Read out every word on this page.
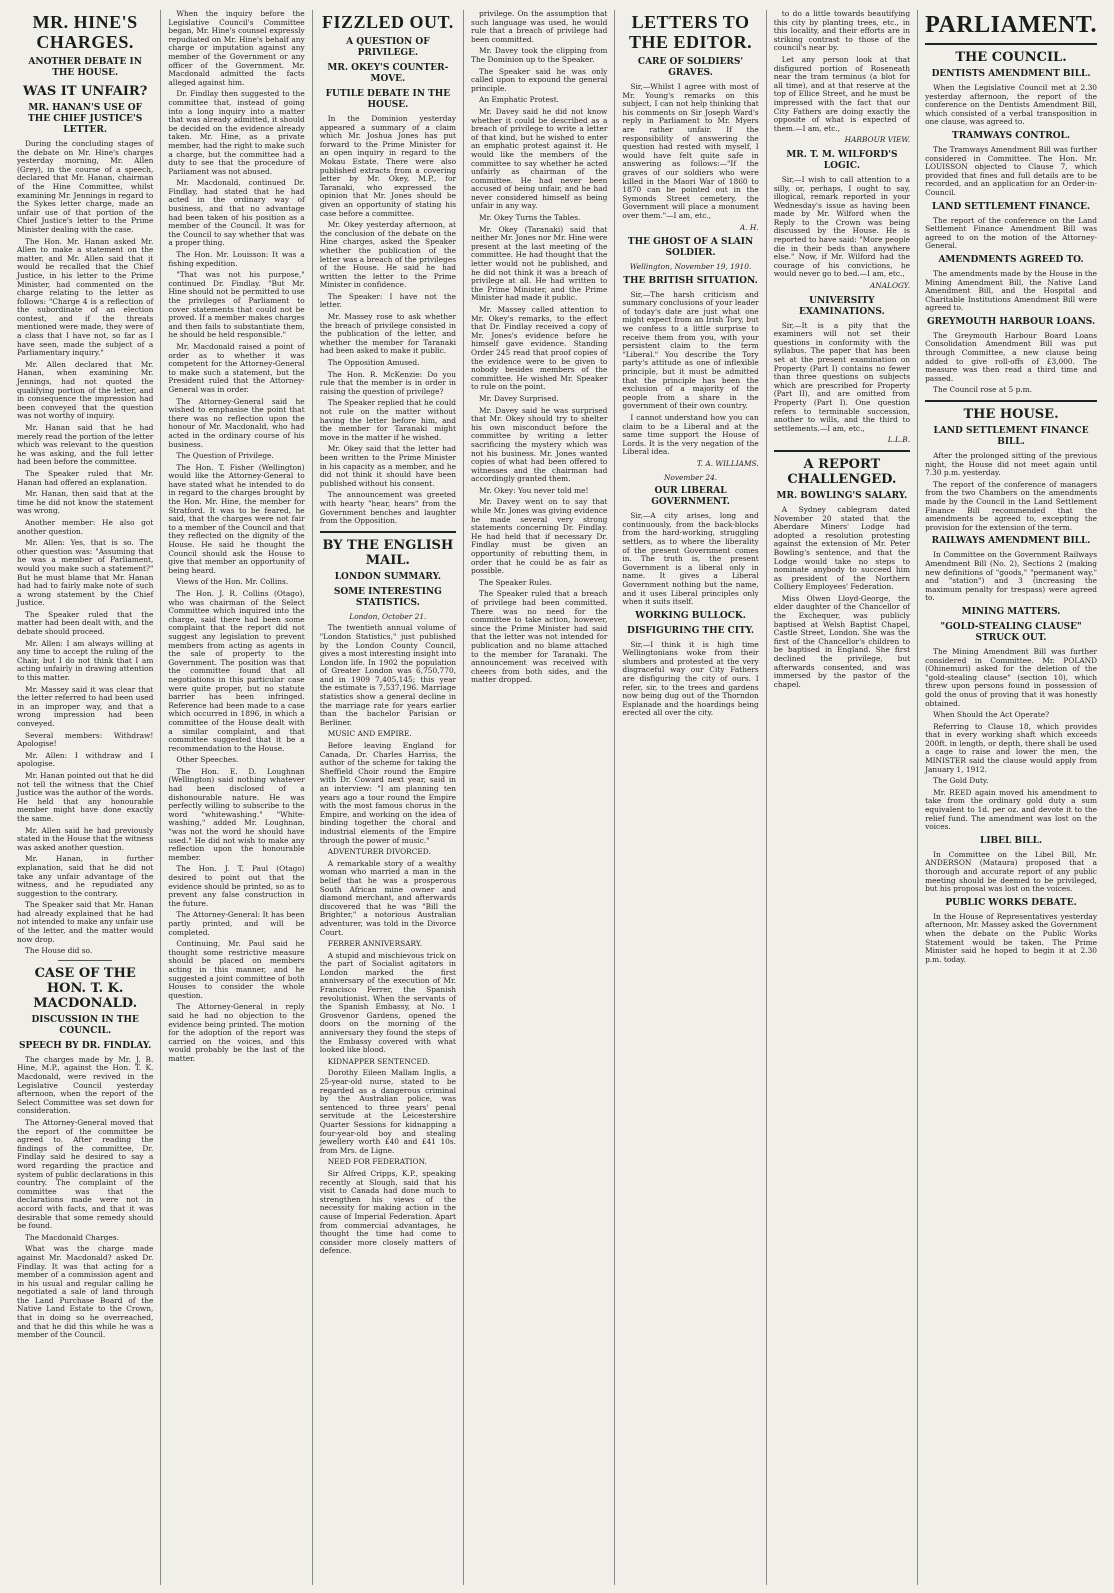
MR. HINE'S CHARGES.
ANOTHER DEBATE IN THE HOUSE.
WAS IT UNFAIR?
MR. HANAN'S USE OF THE CHIEF JUSTICE'S LETTER.

During the concluding stages of the debate on Mr. Hine's charges yesterday morning, Mr. Allen (Grey), in the course of a speech, declared that Mr. Hanan, chairman of the Hine Committee, whilst examining Mr. Jennings in regard to the Sykes letter charge, made an unfair use of that portion of the Chief Justice's letter to the Prime Minister dealing with the case.

The Hon. Mr. Hanan asked Mr. Allen to make a statement on the matter, and Mr. Allen said that it would be recalled that the Chief Justice, in his letter to the Prime Minister, had commented on the charge relating to the letter as follows: "Charge 4 is a reflection of the subordinate of an election contest, and if the threats mentioned were made, they were of a class that I have not, so far as I have seen, made the subject of a Parliamentary inquiry."

Mr. Allen declared that Mr. Hanan, when examining Mr. Jennings, had not quoted the qualifying portion of the letter, and in consequence the impression had been conveyed that the question was not worthy of inquiry.

Mr. Hanan said that he had merely read the portion of the letter which was relevant to the question he was asking, and the full letter had been before the committee.

The Speaker ruled that Mr. Hanan had offered an explanation.

Mr. Hanan, then said that at the time he did not know the statement was wrong.

Another member: He also got another question.

Mr. Allen: Yes, that is so. The other question was: "Assuming that he was a member of Parliament, would you make such a statement?" But he must blame that Mr. Hanan had had to fairly make note of such a wrong statement by the Chief Justice.

The Speaker ruled that the matter had been dealt with, and the debate should proceed.

Mr. Allen: I am always willing at any time to accept the ruling of the Chair, but I do not think that I am acting unfairly in drawing attention to this matter.

Mr. Massey said it was clear that the letter referred to had been used in an improper way, and that a wrong impression had been conveyed.

Several members: Withdraw! Apologise!

Mr. Allen: I withdraw and I apologise.

Mr. Hanan pointed out that he did not tell the witness that the Chief Justice was the author of the words. He held that any honourable member might have done exactly the same.

Mr. Allen said he had previously stated in the House that the witness was asked another question.

Mr. Hanan, in further explanation, said that he did not take any unfair advantage of the witness, and he repudiated any suggestion to the contrary.

The Speaker said that Mr. Hanan had already explained that he had not intended to make any unfair use of the letter, and the matter would now drop.

The House did so.

CASE OF THE HON. T. K. MACDONALD.
DISCUSSION IN THE COUNCIL.
SPEECH BY DR. FINDLAY.

The charges made by Mr. J. B. Hine, M.P., against the Hon. T. K. Macdonald, were revived in the Legislative Council yesterday afternoon, when the report of the Select Committee was set down for consideration.

The Attorney-General moved that the report of the committee be agreed to. After reading the findings of the committee, Dr. Findlay said he desired to say a word regarding the practice and system of public declarations in this country. The complaint of the committee was that the declarations made were not in accord with facts, and that it was desirable that some remedy should be found.

The Macdonald Charges.

What was the charge made against Mr. Macdonald? asked Dr. Findlay. It was that acting for a member of a commission agent and in his usual and regular calling he negotiated a sale of land through the Land Purchase Board of the Native Land Estate to the Crown, that in doing so he overreached, and that he did this while he was a member of the Council.

When the inquiry before the Legislative Council's Committee began, Mr. Hine's counsel expressly repudiated on Mr. Hine's behalf any charge or imputation against any member of the Government or any officer of the Government. Mr. Macdonald admitted the facts alleged against him.

Dr. Findlay then suggested to the committee that, instead of going into a long inquiry into a matter that was already admitted, it should be decided on the evidence already taken. Mr. Hine, as a private member, had the right to make such a charge, but the committee had a duty to see that the procedure of Parliament was not abused.

Mr. Macdonald, continued Dr. Findlay, had stated that he had acted in the ordinary way of business, and that no advantage had been taken of his position as a member of the Council. It was for the Council to say whether that was a proper thing.

The Hon. Mr. Louisson: It was a fishing expedition.

"That was not his purpose," continued Dr. Findlay. "But Mr. Hine should not be permitted to use the privileges of Parliament to cover statements that could not be proved. If a member makes charges and then fails to substantiate them, he should be held responsible."

Mr. Macdonald raised a point of order as to whether it was competent for the Attorney-General to make such a statement, but the President ruled that the Attorney-General was in order.

The Attorney-General said he wished to emphasise the point that there was no reflection upon the honour of Mr. Macdonald, who had acted in the ordinary course of his business.

The Question of Privilege.

The Hon. T. Fisher (Wellington) would like the Attorney-General to have stated what he intended to do in regard to the charges brought by the Hon. Mr. Hine, the member for Stratford. It was to be feared, he said, that the charges were not fair to a member of the Council and that they reflected on the dignity of the House. He said he thought the Council should ask the House to give that member an opportunity of being heard.

Views of the Hon. Mr. Collins.

The Hon. J. R. Collins (Otago), who was chairman of the Select Committee which inquired into the charge, said there had been some complaint that the report did not suggest any legislation to prevent members from acting as agents in the sale of property to the Government. The position was that the committee found that all negotiations in this particular case were quite proper, but no statute barrier has been infringed. Reference had been made to a case which occurred in 1896, in which a committee of the House dealt with a similar complaint, and that committee suggested that it be a recommendation to the House.

Other Speeches.

The Hon. E. D. Loughnan (Wellington) said nothing whatever had been disclosed of a dishonourable nature. He was perfectly willing to subscribe to the word "whitewashing." "White-washing," added Mr. Loughnan, "was not the word he should have used." He did not wish to make any reflection upon the honourable member.

The Hon. J. T. Paul (Otago) desired to point out that the evidence should be printed, so as to prevent any false construction in the future.

The Attorney-General: It has been partly printed, and will be completed.

Continuing, Mr. Paul said he thought some restrictive measure should be placed on members acting in this manner, and he suggested a joint committee of both Houses to consider the whole question.

The Attorney-General in reply said he had no objection to the evidence being printed. The motion for the adoption of the report was carried on the voices, and this would probably be the last of the matter.

FIZZLED OUT.
A QUESTION OF PRIVILEGE.
MR. OKEY'S COUNTER-MOVE.
FUTILE DEBATE IN THE HOUSE.

In the Dominion yesterday appeared a summary of a claim which Mr. Joshua Jones has put forward to the Prime Minister for an open inquiry in regard to the Mokau Estate. There were also published extracts from a covering letter by Mr. Okey, M.P., for Taranaki, who expressed the opinion that Mr. Jones should be given an opportunity of stating his case before a committee.

Mr. Okey yesterday afternoon, at the conclusion of the debate on the Hine charges, asked the Speaker whether the publication of the letter was a breach of the privileges of the House. He said he had written the letter to the Prime Minister in confidence.

The Speaker: I have not the letter.

Mr. Massey rose to ask whether the breach of privilege consisted in the publication of the letter, and whether the member for Taranaki had been asked to make it public.

The Opposition Amused.

The Hon. R. McKenzie: Do you rule that the member is in order in raising the question of privilege?

The Speaker replied that he could not rule on the matter without having the letter before him, and the member for Taranaki might move in the matter if he wished.

Mr. Okey said that the letter had been written to the Prime Minister in his capacity as a member, and he did not think it should have been published without his consent.

The announcement was greeted with hearty "hear, hears" from the Government benches and laughter from the Opposition.

BY THE ENGLISH MAIL.
LONDON SUMMARY.
SOME INTERESTING STATISTICS.
London, October 21.

The twentieth annual volume of "London Statistics," just published by the London County Council, gives a most interesting insight into London life. In 1902 the population of Greater London was 6,750,770, and in 1909 7,405,145; this year the estimate is 7,537,196. Marriage statistics show a general decline in the marriage rate for years earlier than the bachelor Parisian or Berliner.

MUSIC AND EMPIRE.

Before leaving England for Canada, Dr. Charles Harriss, the author of the scheme for taking the Sheffield Choir round the Empire with Dr. Coward next year, said in an interview: "I am planning ten years ago a tour round the Empire with the most famous chorus in the Empire, and working on the idea of binding together the choral and industrial elements of the Empire through the power of music."

ADVENTURER DIVORCED.

A remarkable story of a wealthy woman who married a man in the belief that he was a prosperous South African mine owner and diamond merchant, and afterwards discovered that he was "Bill the Brighter," a notorious Australian adventurer, was told in the Divorce Court.

FERRER ANNIVERSARY.

A stupid and mischievous trick on the part of Socialist agitators in London marked the first anniversary of the execution of Mr. Francisco Ferrer, the Spanish revolutionist. When the servants of the Spanish Embassy, at No. 1 Grosvenor Gardens, opened the doors on the morning of the anniversary they found the steps of the Embassy covered with what looked like blood.

KIDNAPPER SENTENCED.

Dorothy Eileen Mallam Inglis, a 25-year-old nurse, stated to be regarded as a dangerous criminal by the Australian police, was sentenced to three years' penal servitude at the Leicestershire Quarter Sessions for kidnapping a four-year-old boy and stealing jewellery worth £40 and £41 10s. from Mrs. de Ligne.

NEED FOR FEDERATION.

Sir Alfred Cripps, K.P., speaking recently at Slough, said that his visit to Canada had done much to strengthen his views of the necessity for making action in the cause of Imperial Federation. Apart from commercial advantages, he thought the time had come to consider more closely matters of defence.

privilege. On the assumption that such language was used, he would rule that a breach of privilege had been committed.

Mr. Davey took the clipping from The Dominion up to the Speaker.

The Speaker said he was only called upon to expound the general principle.

An Emphatic Protest.

Mr. Davey said he did not know whether it could be described as a breach of privilege to write a letter of that kind, but he wished to enter an emphatic protest against it. He would like the members of the committee to say whether he acted unfairly as chairman of the committee. He had never been accused of being unfair, and he had never considered himself as being unfair in any way.

Mr. Okey Turns the Tables.

Mr. Okey (Taranaki) said that neither Mr. Jones nor Mr. Hine were present at the last meeting of the committee. He had thought that the letter would not be published, and he did not think it was a breach of privilege at all. He had written to the Prime Minister, and the Prime Minister had made it public.

Mr. Massey called attention to Mr. Okey's remarks, to the effect that Dr. Findlay received a copy of Mr. Jones's evidence before he himself gave evidence. Standing Order 245 read that proof copies of the evidence were to be given to nobody besides members of the committee. He wished Mr. Speaker to rule on the point.

Mr. Davey Surprised.

Mr. Davey said he was surprised that Mr. Okey should try to shelter his own misconduct before the committee by writing a letter sacrificing the mystery which was not his business. Mr. Jones wanted copies of what had been offered to witnesses and the chairman had accordingly granted them.

Mr. Okey: You never told me!

Mr. Davey went on to say that while Mr. Jones was giving evidence he made several very strong statements concerning Dr. Findlay. He had held that if necessary Dr. Findlay must be given an opportunity of rebutting them, in order that he could be as fair as possible.

The Speaker Rules.

The Speaker ruled that a breach of privilege had been committed. There was no need for the committee to take action, however, since the Prime Minister had said that the letter was not intended for publication and no blame attached to the member for Taranaki. The announcement was received with cheers from both sides, and the matter dropped.

LETTERS TO THE EDITOR.
CARE OF SOLDIERS' GRAVES.

Sir,—Whilst I agree with most of Mr. Young's remarks on this subject, I can not help thinking that his comments on Sir Joseph Ward's reply in Parliament to Mr. Myers are rather unfair. If the responsibility of answering the question had rested with myself, I would have felt quite safe in answering as follows:—"If the graves of our soldiers who were killed in the Maori War of 1860 to 1870 can be pointed out in the Symonds Street cemetery, the Government will place a monument over them."—I am, etc.,

A. H.
THE GHOST OF A SLAIN SOLDIER.
Wellington, November 19, 1910.
THE BRITISH SITUATION.

Sir,—The harsh criticism and summary conclusions of your leader of today's date are just what one might expect from an Irish Tory, but we confess to a little surprise to receive them from you, with your persistent claim to the term "Liberal." You describe the Tory party's attitude as one of inflexible principle, but it must be admitted that the principle has been the exclusion of a majority of the people from a share in the government of their own country.

I cannot understand how you can claim to be a Liberal and at the same time support the House of Lords. It is the very negation of the Liberal idea.

T. A. WILLIAMS.
November 24.
OUR LIBERAL GOVERNMENT.

Sir,—A city arises, long and continuously, from the back-blocks from the hard-working, struggling settlers, as to where the liberality of the present Government comes in. The truth is, the present Government is a liberal only in name. It gives a Liberal Government nothing but the name, and it uses Liberal principles only when it suits itself.

WORKING BULLOCK.
DISFIGURING THE CITY.

Sir,—I think it is high time Wellingtonians woke from their slumbers and protested at the very disgraceful way our City Fathers are disfiguring the city of ours. I refer, sir, to the trees and gardens now being dug out of the Thorndon Esplanade and the hoardings being erected all over the city.

to do a little towards beautifying this city by planting trees, etc., in this locality, and their efforts are in striking contrast to those of the council's near by.

Let any person look at that disfigured portion of Roseneath near the tram terminus (a blot for all time), and at that reserve at the top of Ellice Street, and he must be impressed with the fact that our City Fathers are doing exactly the opposite of what is expected of them.—I am, etc.,

HARBOUR VIEW.
MR. T. M. WILFORD'S LOGIC.

Sir,—I wish to call attention to a silly, or, perhaps, I ought to say, illogical, remark reported in your Wednesday's issue as having been made by Mr. Wilford when the Reply to the Crown was being discussed by the House. He is reported to have said: "More people die in their beds than anywhere else." Now, if Mr. Wilford had the courage of his convictions, he would never go to bed.—I am, etc.,

ANALOGY.
UNIVERSITY EXAMINATIONS.

Sir,—It is a pity that the examiners will not set their questions in conformity with the syllabus. The paper that has been set at the present examination on Property (Part I) contains no fewer than three questions on subjects which are prescribed for Property (Part II), and are omitted from Property (Part I). One question refers to terminable succession, another to wills, and the third to settlements.—I am, etc.,

L.L.B.
A REPORT CHALLENGED.
MR. BOWLING'S SALARY.

A Sydney cablegram dated November 20 stated that the Aberdare Miners' Lodge had adopted a resolution protesting against the extension of Mr. Peter Bowling's sentence, and that the Lodge would take no steps to nominate anybody to succeed him as president of the Northern Colliery Employees' Federation.

Miss Olwen Lloyd-George, the elder daughter of the Chancellor of the Exchequer, was publicly baptised at Welsh Baptist Chapel, Castle Street, London. She was the first of the Chancellor's children to be baptised in England. She first declined the privilege, but afterwards consented, and was immersed by the pastor of the chapel.

PARLIAMENT.
THE COUNCIL.
DENTISTS AMENDMENT BILL.

When the Legislative Council met at 2.30 yesterday afternoon, the report of the conference on the Dentists Amendment Bill, which consisted of a verbal transposition in one clause, was agreed to.

TRAMWAYS CONTROL.

The Tramways Amendment Bill was further considered in Committee. The Hon. Mr. LOUISSON objected to Clause 7, which provided that fines and full details are to be recorded, and an application for an Order-in-Council.

LAND SETTLEMENT FINANCE.

The report of the conference on the Land Settlement Finance Amendment Bill was agreed to on the motion of the Attorney-General.

AMENDMENTS AGREED TO.

The amendments made by the House in the Mining Amendment Bill, the Native Land Amendment Bill, and the Hospital and Charitable Institutions Amendment Bill were agreed to.

GREYMOUTH HARBOUR LOANS.

The Greymouth Harbour Board Loans Consolidation Amendment Bill was put through Committee, a new clause being added to give roll-offs of £3,000. The measure was then read a third time and passed.

The Council rose at 5 p.m.

THE HOUSE.
LAND SETTLEMENT FINANCE BILL.

After the prolonged sitting of the previous night, the House did not meet again until 7.30 p.m. yesterday.

The report of the conference of managers from the two Chambers on the amendments made by the Council in the Land Settlement Finance Bill recommended that the amendments be agreed to, excepting the provision for the extension of the term.

RAILWAYS AMENDMENT BILL.

In Committee on the Government Railways Amendment Bill (No. 2), Sections 2 (making new definitions of "goods," "permanent way," and "station") and 3 (increasing the maximum penalty for trespass) were agreed to.

MINING MATTERS.
"GOLD-STEALING CLAUSE" STRUCK OUT.

The Mining Amendment Bill was further considered in Committee. Mr. POLAND (Ohinemuri) asked for the deletion of the "gold-stealing clause" (section 10), which threw upon persons found in possession of gold the onus of proving that it was honestly obtained.

When Should the Act Operate?

Referring to Clause 18, which provides that in every working shaft which exceeds 200ft. in length, or depth, there shall be used a cage to raise and lower the men, the MINISTER said the clause would apply from January 1, 1912.

The Gold Duty.

Mr. REED again moved his amendment to take from the ordinary gold duty a sum equivalent to 1d. per oz. and devote it to the relief fund. The amendment was lost on the voices.

LIBEL BILL.

In Committee on the Libel Bill, Mr. ANDERSON (Mataura) proposed that a thorough and accurate report of any public meeting should be deemed to be privileged, but his proposal was lost on the voices.

PUBLIC WORKS DEBATE.

In the House of Representatives yesterday afternoon, Mr. Massey asked the Government when the debate on the Public Works Statement would be taken. The Prime Minister said he hoped to begin it at 2.30 p.m. today.
